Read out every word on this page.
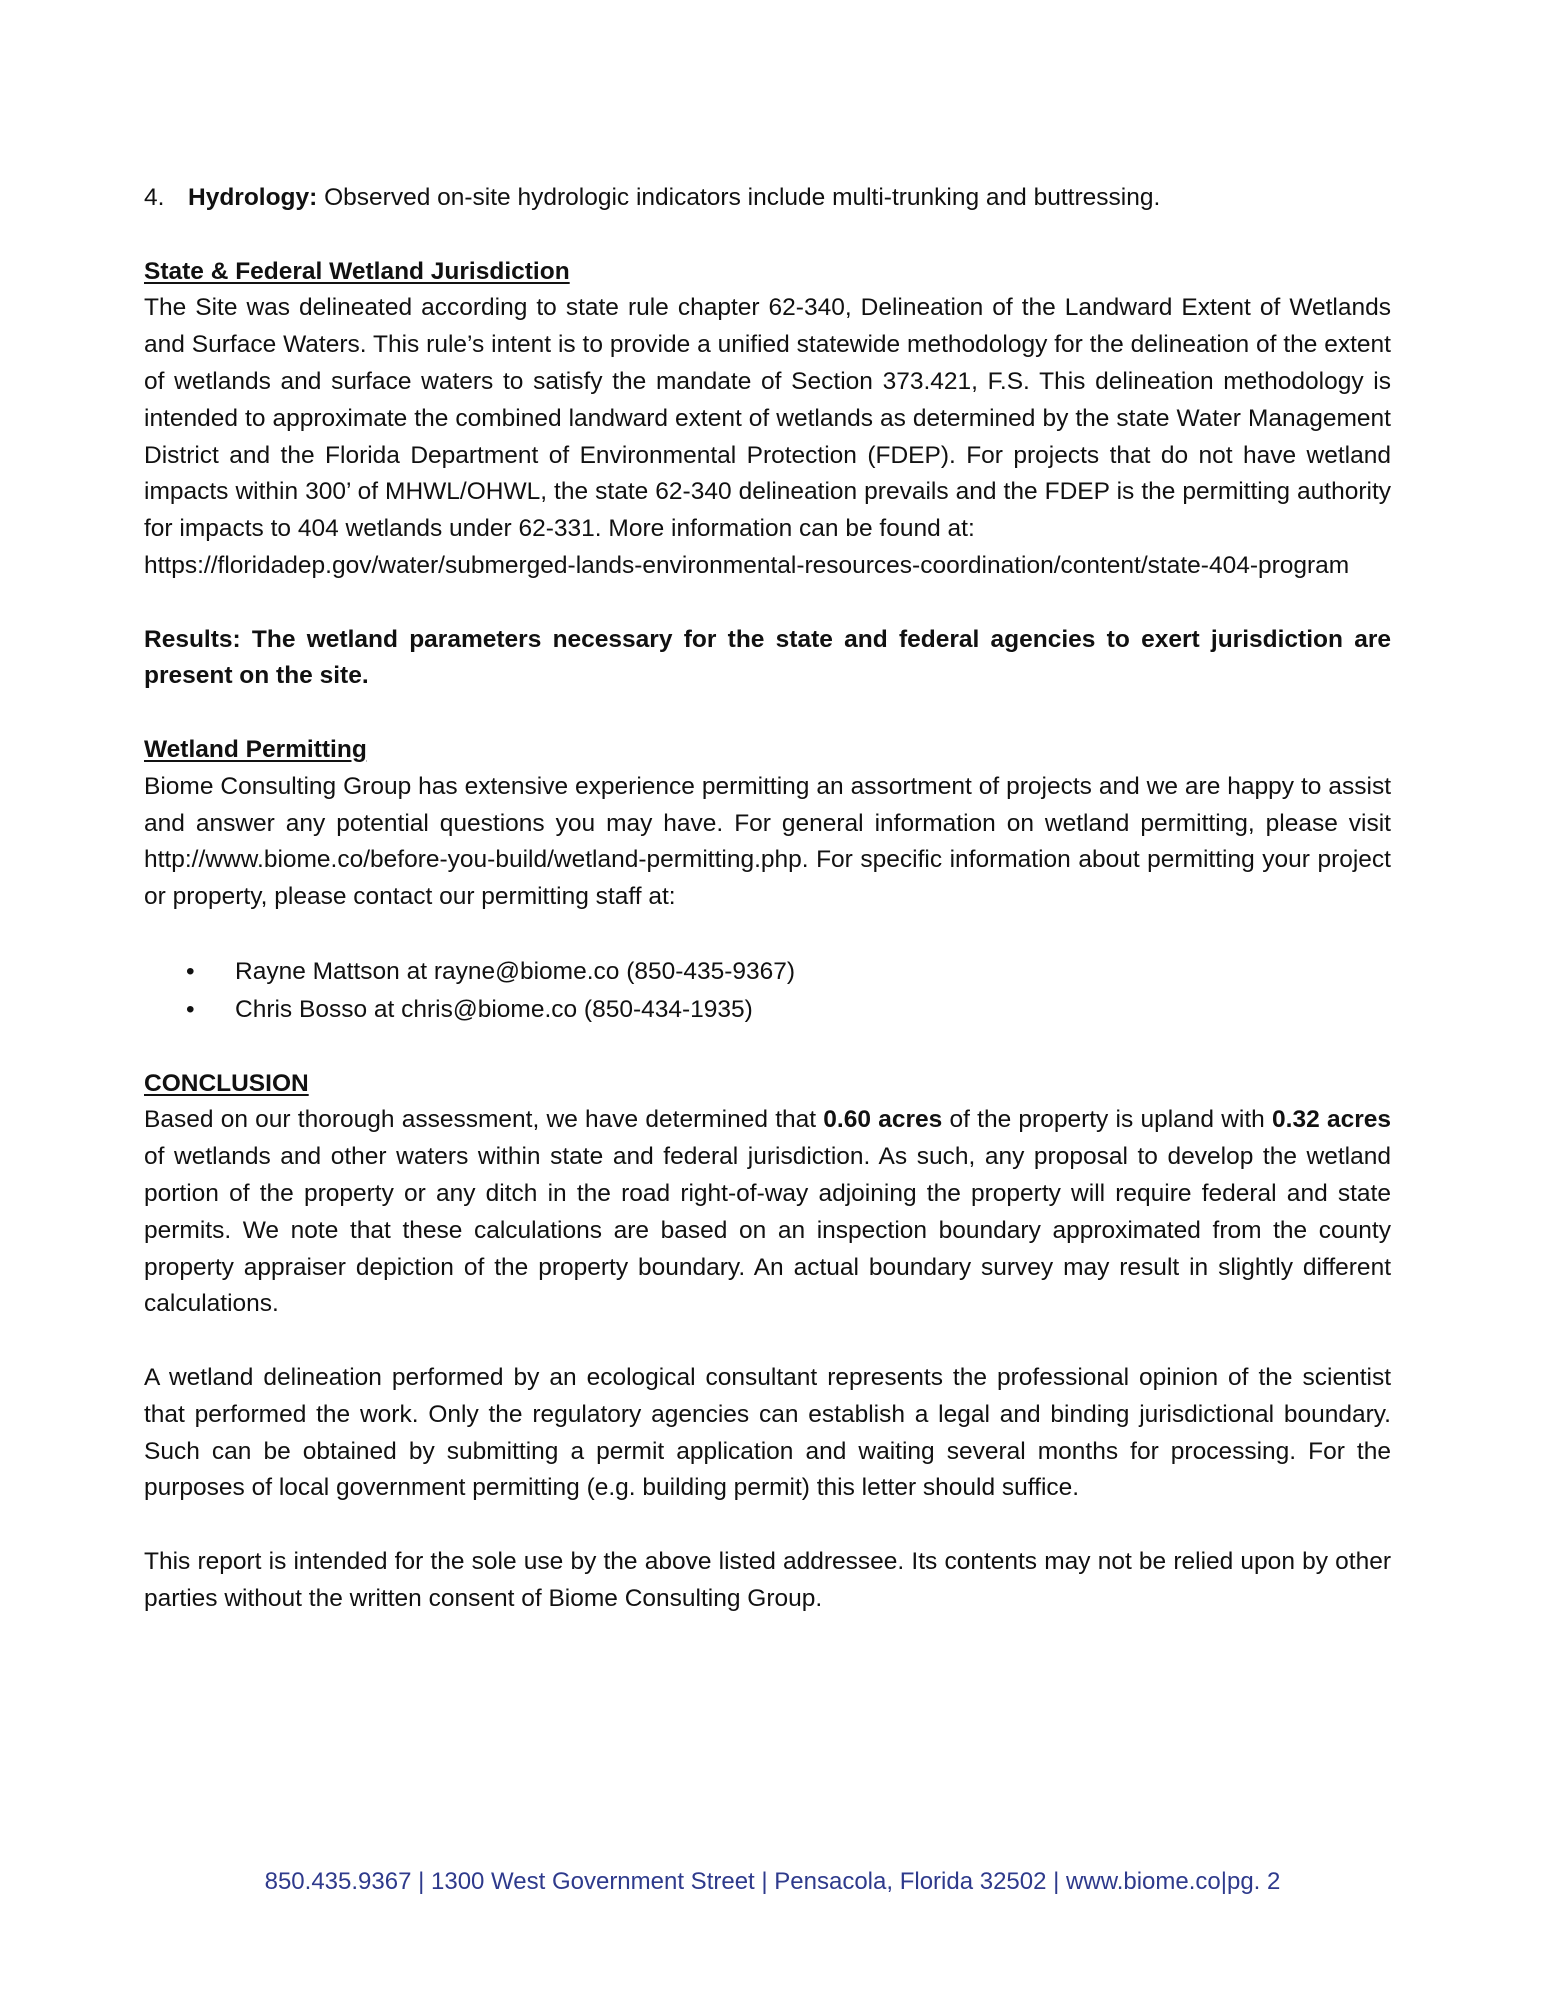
4. Hydrology: Observed on-site hydrologic indicators include multi-trunking and buttressing.

State & Federal Wetland Jurisdiction

The Site was delineated according to state rule chapter 62-340, Delineation of the Landward Extent of Wetlands and Surface Waters. This rule’s intent is to provide a unified statewide methodology for the delineation of the extent of wetlands and surface waters to satisfy the mandate of Section 373.421, F.S. This delineation methodology is intended to approximate the combined landward extent of wetlands as determined by the state Water Management District and the Florida Department of Environmental Protection (FDEP). For projects that do not have wetland impacts within 300’ of MHWL/OHWL, the state 62-340 delineation prevails and the FDEP is the permitting authority for impacts to 404 wetlands under 62-331. More information can be found at:

https://floridadep.gov/water/submerged-lands-environmental-resources-coordination/content/state-404-program

Results: The wetland parameters necessary for the state and federal agencies to exert jurisdiction are present on the site.

Wetland Permitting

Biome Consulting Group has extensive experience permitting an assortment of projects and we are happy to assist and answer any potential questions you may have. For general information on wetland permitting, please visit http://www.biome.co/before-you-build/wetland-permitting.php. For specific information about permitting your project or property, please contact our permitting staff at:

• Rayne Mattson at rayne@biome.co (850-435-9367)
• Chris Bosso at chris@biome.co (850-434-1935)

CONCLUSION

Based on our thorough assessment, we have determined that 0.60 acres of the property is upland with 0.32 acres of wetlands and other waters within state and federal jurisdiction. As such, any proposal to develop the wetland portion of the property or any ditch in the road right-of-way adjoining the property will require federal and state permits. We note that these calculations are based on an inspection boundary approximated from the county property appraiser depiction of the property boundary. An actual boundary survey may result in slightly different calculations.

A wetland delineation performed by an ecological consultant represents the professional opinion of the scientist that performed the work. Only the regulatory agencies can establish a legal and binding jurisdictional boundary. Such can be obtained by submitting a permit application and waiting several months for processing. For the purposes of local government permitting (e.g. building permit) this letter should suffice.

This report is intended for the sole use by the above listed addressee. Its contents may not be relied upon by other parties without the written consent of Biome Consulting Group.

850.435.9367 | 1300 West Government Street | Pensacola, Florida 32502 | www.biome.co|pg. 2
